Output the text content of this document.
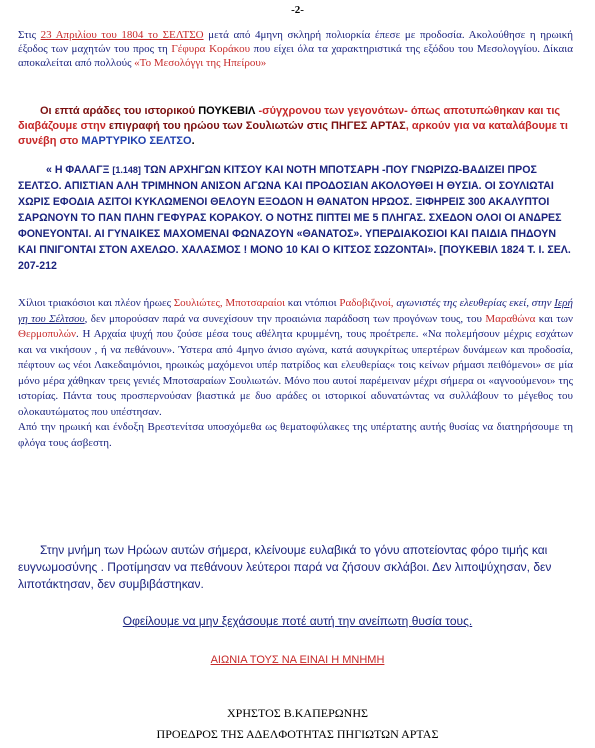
-2-
Στις 23 Απριλίου του 1804 το ΣΕΛΤΣΟ μετά από 4μηνη σκληρή πολιορκία έπεσε με προδοσία. Ακολούθησε η ηρωική έξοδος των μαχητών του προς τη Γέφυρα Κοράκου που είχει όλα τα χαρακτηριστικά της εξόδου του Μεσολογγίου. Δίκαια αποκαλείται από πολλούς «Το Μεσολόγγι της Ηπείρου»
Οι επτά αράδες του ιστορικού ΠΟΥΚΕΒΙΛ -σύγχρονου των γεγονότων- όπως αποτυπώθηκαν και τις διαβάζουμε στην επιγραφή του ηρώου των Σουλιωτών στις ΠΗΓΕΣ ΑΡΤΑΣ, αρκούν για να καταλάβουμε τι συνέβη στο ΜΑΡΤΥΡΙΚΟ ΣΕΛΤΣΟ.
« Η ΦΑΛΑΓΞ [1.148] ΤΩΝ ΑΡΧΗΓΩΝ ΚΙΤΣΟΥ ΚΑΙ ΝΟΤΗ ΜΠΟΤΣΑΡΗ -ΠΟΥ ΓΝΩΡΙΖΩ-ΒΑΔΙΖΕΙ ΠΡΟΣ ΣΕΛΤΣΟ. ΑΠΙΣΤΙΑΝ ΑΛΗ ΤΡΙΜΗΝΟΝ ΑΝΙΣΟΝ ΑΓΩΝΑ ΚΑΙ ΠΡΟΔΟΣΙΑΝ ΑΚΟΛΟΥΘΕΙ Η ΘΥΣΙΑ. ΟΙ ΣΟΥΛΙΩΤΑΙ ΧΩΡΙΣ ΕΦΟΔΙΑ ΑΣΙΤΟΙ ΚΥΚΛΩΜΕΝΟΙ ΘΕΛΟΥΝ ΕΞΟΔΟΝ Η ΘΑΝΑΤΟΝ ΗΡΩΟΣ. ΞΙΦΗΡΕΙΣ 300 ΑΚΑΛΥΠΤΟΙ ΣΑΡΩΝΟΥΝ ΤΟ ΠΑΝ ΠΛΗΝ ΓΕΦΥΡΑΣ ΚΟΡΑΚΟΥ. Ο ΝΟΤΗΣ ΠΙΠΤΕΙ ΜΕ 5 ΠΛΗΓΑΣ. ΣΧΕΔΟΝ ΟΛΟΙ ΟΙ ΑΝΔΡΕΣ ΦΟΝΕΥΟΝΤΑΙ. ΑΙ ΓΥΝΑΙΚΕΣ ΜΑΧΟΜΕΝΑΙ ΦΩΝΑΖΟΥΝ «ΘΑΝΑΤΟΣ». ΥΠΕΡΔΙΑΚΟΣΙΟΙ ΚΑΙ ΠΑΙΔΙΑ ΠΗΔΟΥΝ ΚΑΙ ΠΝΙΓΟΝΤΑΙ ΣΤΟΝ ΑΧΕΛΩΟ. ΧΑΛΑΣΜΟΣ ! ΜΟΝΟ 10 ΚΑΙ Ο ΚΙΤΣΟΣ ΣΩΖΟΝΤΑΙ». [ΠΟΥΚΕΒΙΛ 1824 Τ. Ι. ΣΕΛ. 207-212
Χίλιοι τριακόσιοι και πλέον ήρωες Σουλιώτες, Μποτσαραίοι και ντόπιοι Ραδοβιζινοί, αγωνιστές της ελευθερίας εκεί, στην Ιερή γη του Σέλτσου, δεν μπορούσαν παρά να συνεχίσουν την προαιώνια παράδοση των προγόνων τους, του Μαραθώνα και των Θερμοπυλών. Η Αρχαία ψυχή που ζούσε μέσα τους αθέλητα κρυμμένη, τους προέτρεπε. «Να πολεμήσουν μέχρις εσχάτων και να νικήσουν , ή να πεθάνουν». Ύστερα από 4μηνο άνισο αγώνα, κατά ασυγκρίτως υπερτέρων δυνάμεων και προδοσία, πέφτουν ως νέοι Λακεδαιμόνιοι, ηρωικώς μαχόμενοι υπέρ πατρίδος και ελευθερίας« τοις κείνων ρήμασι πειθόμενοι» σε μία μόνο μέρα χάθηκαν τρεις γενιές Μποτσαραίων Σουλιωτών. Μόνο που αυτοί παρέμειναν μέχρι σήμερα οι «αγνοούμενοι» της ιστορίας. Πάντα τους προσπερνούσαν βιαστικά με δυο αράδες οι ιστορικοί αδυνατώντας να συλλάβουν το μέγεθος του ολοκαυτώματος που υπέστησαν.
Από την ηρωική και ένδοξη Βρεστενίτσα υποσχόμεθα ως θεματοφύλακες της υπέρτατης αυτής θυσίας να διατηρήσουμε τη φλόγα τους άσβεστη.
Στην μνήμη των Ηρώων αυτών σήμερα, κλείνουμε ευλαβικά το γόνυ αποτείοντας φόρο τιμής και ευγνωμοσύνης . Προτίμησαν να πεθάνουν λεύτεροι παρά να ζήσουν σκλάβοι. Δεν λιποψύχησαν, δεν λιποτάκτησαν, δεν συμβιβάστηκαν.
Οφείλουμε να μην ξεχάσουμε ποτέ αυτή την ανείπωτη θυσία τους.
ΑΙΩΝΙΑ ΤΟΥΣ ΝΑ ΕΙΝΑΙ Η ΜΝΗΜΗ
ΧΡΗΣΤΟΣ Β.ΚΑΠΕΡΩΝΗΣ
ΠΡΟΕΔΡΟΣ ΤΗΣ ΑΔΕΛΦΟΤΗΤΑΣ ΠΗΓΙΩΤΩΝ ΑΡΤΑΣ
